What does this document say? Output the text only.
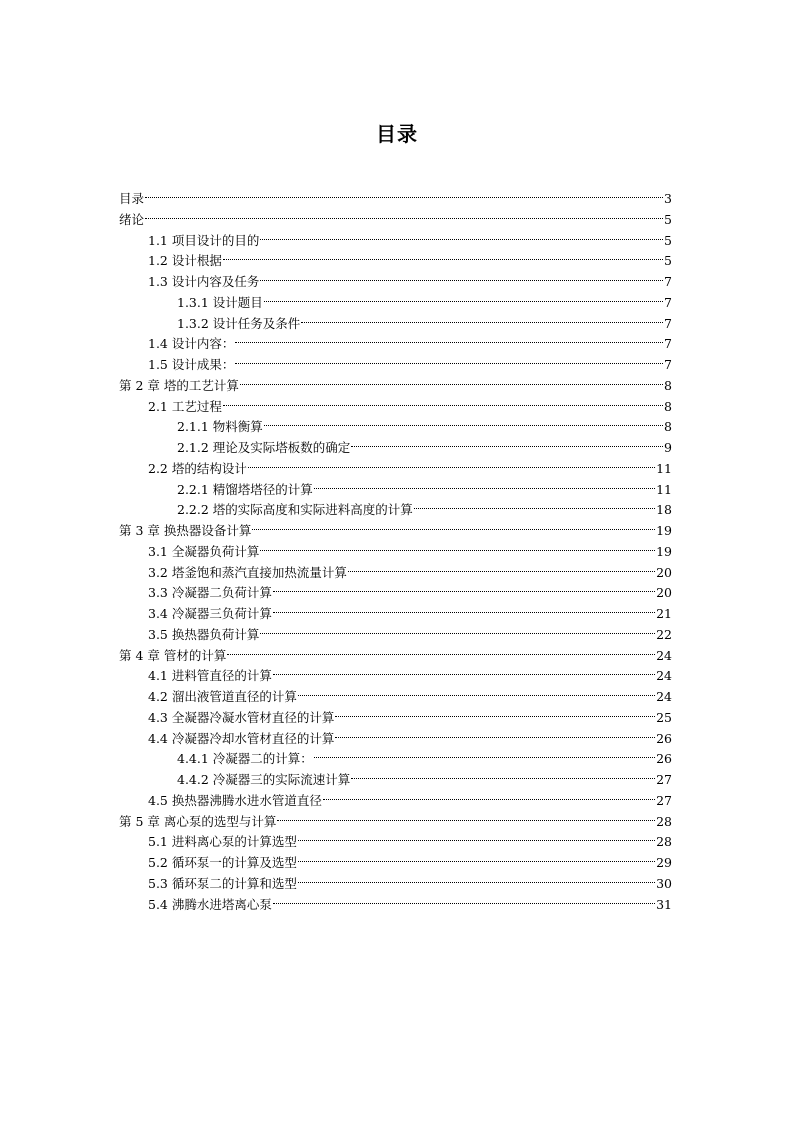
目录
目录	3
绪论	5
1.1 项目设计的目的	5
1.2 设计根据	5
1.3 设计内容及任务	7
1.3.1 设计题目	7
1.3.2 设计任务及条件	7
1.4 设计内容：	7
1.5 设计成果：	7
第 2 章 塔的工艺计算	8
2.1 工艺过程	8
2.1.1 物料衡算	8
2.1.2 理论及实际塔板数的确定	9
2.2 塔的结构设计	11
2.2.1 精馏塔塔径的计算	11
2.2.2 塔的实际高度和实际进料高度的计算	18
第 3 章 换热器设备计算	19
3.1 全凝器负荷计算	19
3.2 塔釜饱和蒸汽直接加热流量计算	20
3.3 冷凝器二负荷计算	20
3.4 冷凝器三负荷计算	21
3.5 换热器负荷计算	22
第 4 章 管材的计算	24
4.1 进料管直径的计算	24
4.2 溜出液管道直径的计算	24
4.3 全凝器冷凝水管材直径的计算	25
4.4 冷凝器冷却水管材直径的计算	26
4.4.1 冷凝器二的计算：	26
4.4.2 冷凝器三的实际流速计算	27
4.5 换热器沸腾水进水管道直径	27
第 5 章 离心泵的选型与计算	28
5.1 进料离心泵的计算选型	28
5.2 循环泵一的计算及选型	29
5.3 循环泵二的计算和选型	30
5.4 沸腾水进塔离心泵	31
